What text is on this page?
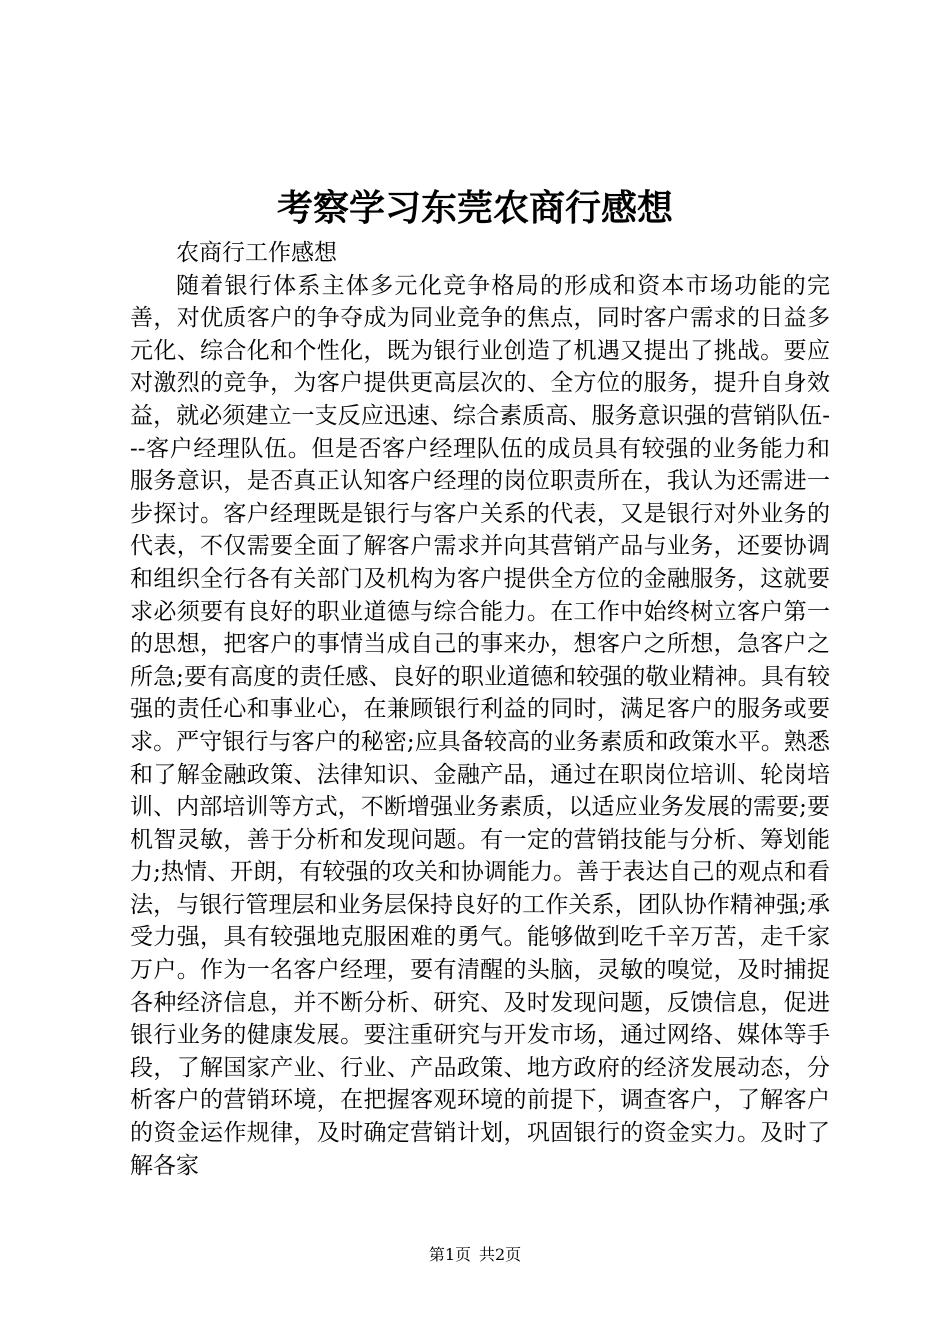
考察学习东莞农商行感想

农商行工作感想

随着银行体系主体多元化竞争格局的形成和资本市场功能的完善，对优质客户的争夺成为同业竞争的焦点，同时客户需求的日益多元化、综合化和个性化，既为银行业创造了机遇又提出了挑战。要应对激烈的竞争，为客户提供更高层次的、全方位的服务，提升自身效益，就必须建立一支反应迅速、综合素质高、服务意识强的营销队伍---客户经理队伍。但是否客户经理队伍的成员具有较强的业务能力和服务意识，是否真正认知客户经理的岗位职责所在，我认为还需进一步探讨。客户经理既是银行与客户关系的代表，又是银行对外业务的代表，不仅需要全面了解客户需求并向其营销产品与业务，还要协调和组织全行各有关部门及机构为客户提供全方位的金融服务，这就要求必须要有良好的职业道德与综合能力。在工作中始终树立客户第一的思想，把客户的事情当成自己的事来办，想客户之所想，急客户之所急;要有高度的责任感、良好的职业道德和较强的敬业精神。具有较强的责任心和事业心，在兼顾银行利益的同时，满足客户的服务或要求。严守银行与客户的秘密;应具备较高的业务素质和政策水平。熟悉和了解金融政策、法律知识、金融产品，通过在职岗位培训、轮岗培训、内部培训等方式，不断增强业务素质，以适应业务发展的需要;要机智灵敏，善于分析和发现问题。有一定的营销技能与分析、筹划能力;热情、开朗，有较强的攻关和协调能力。善于表达自己的观点和看法，与银行管理层和业务层保持良好的工作关系，团队协作精神强;承受力强，具有较强地克服困难的勇气。能够做到吃千辛万苦，走千家万户。作为一名客户经理，要有清醒的头脑，灵敏的嗅觉，及时捕捉各种经济信息，并不断分析、研究、及时发现问题，反馈信息，促进银行业务的健康发展。要注重研究与开发市场，通过网络、媒体等手段，了解国家产业、行业、产品政策、地方政府的经济发展动态，分析客户的营销环境，在把握客观环境的前提下，调查客户，了解客户的资金运作规律，及时确定营销计划，巩固银行的资金实力。及时了解各家

第1页 共2页
